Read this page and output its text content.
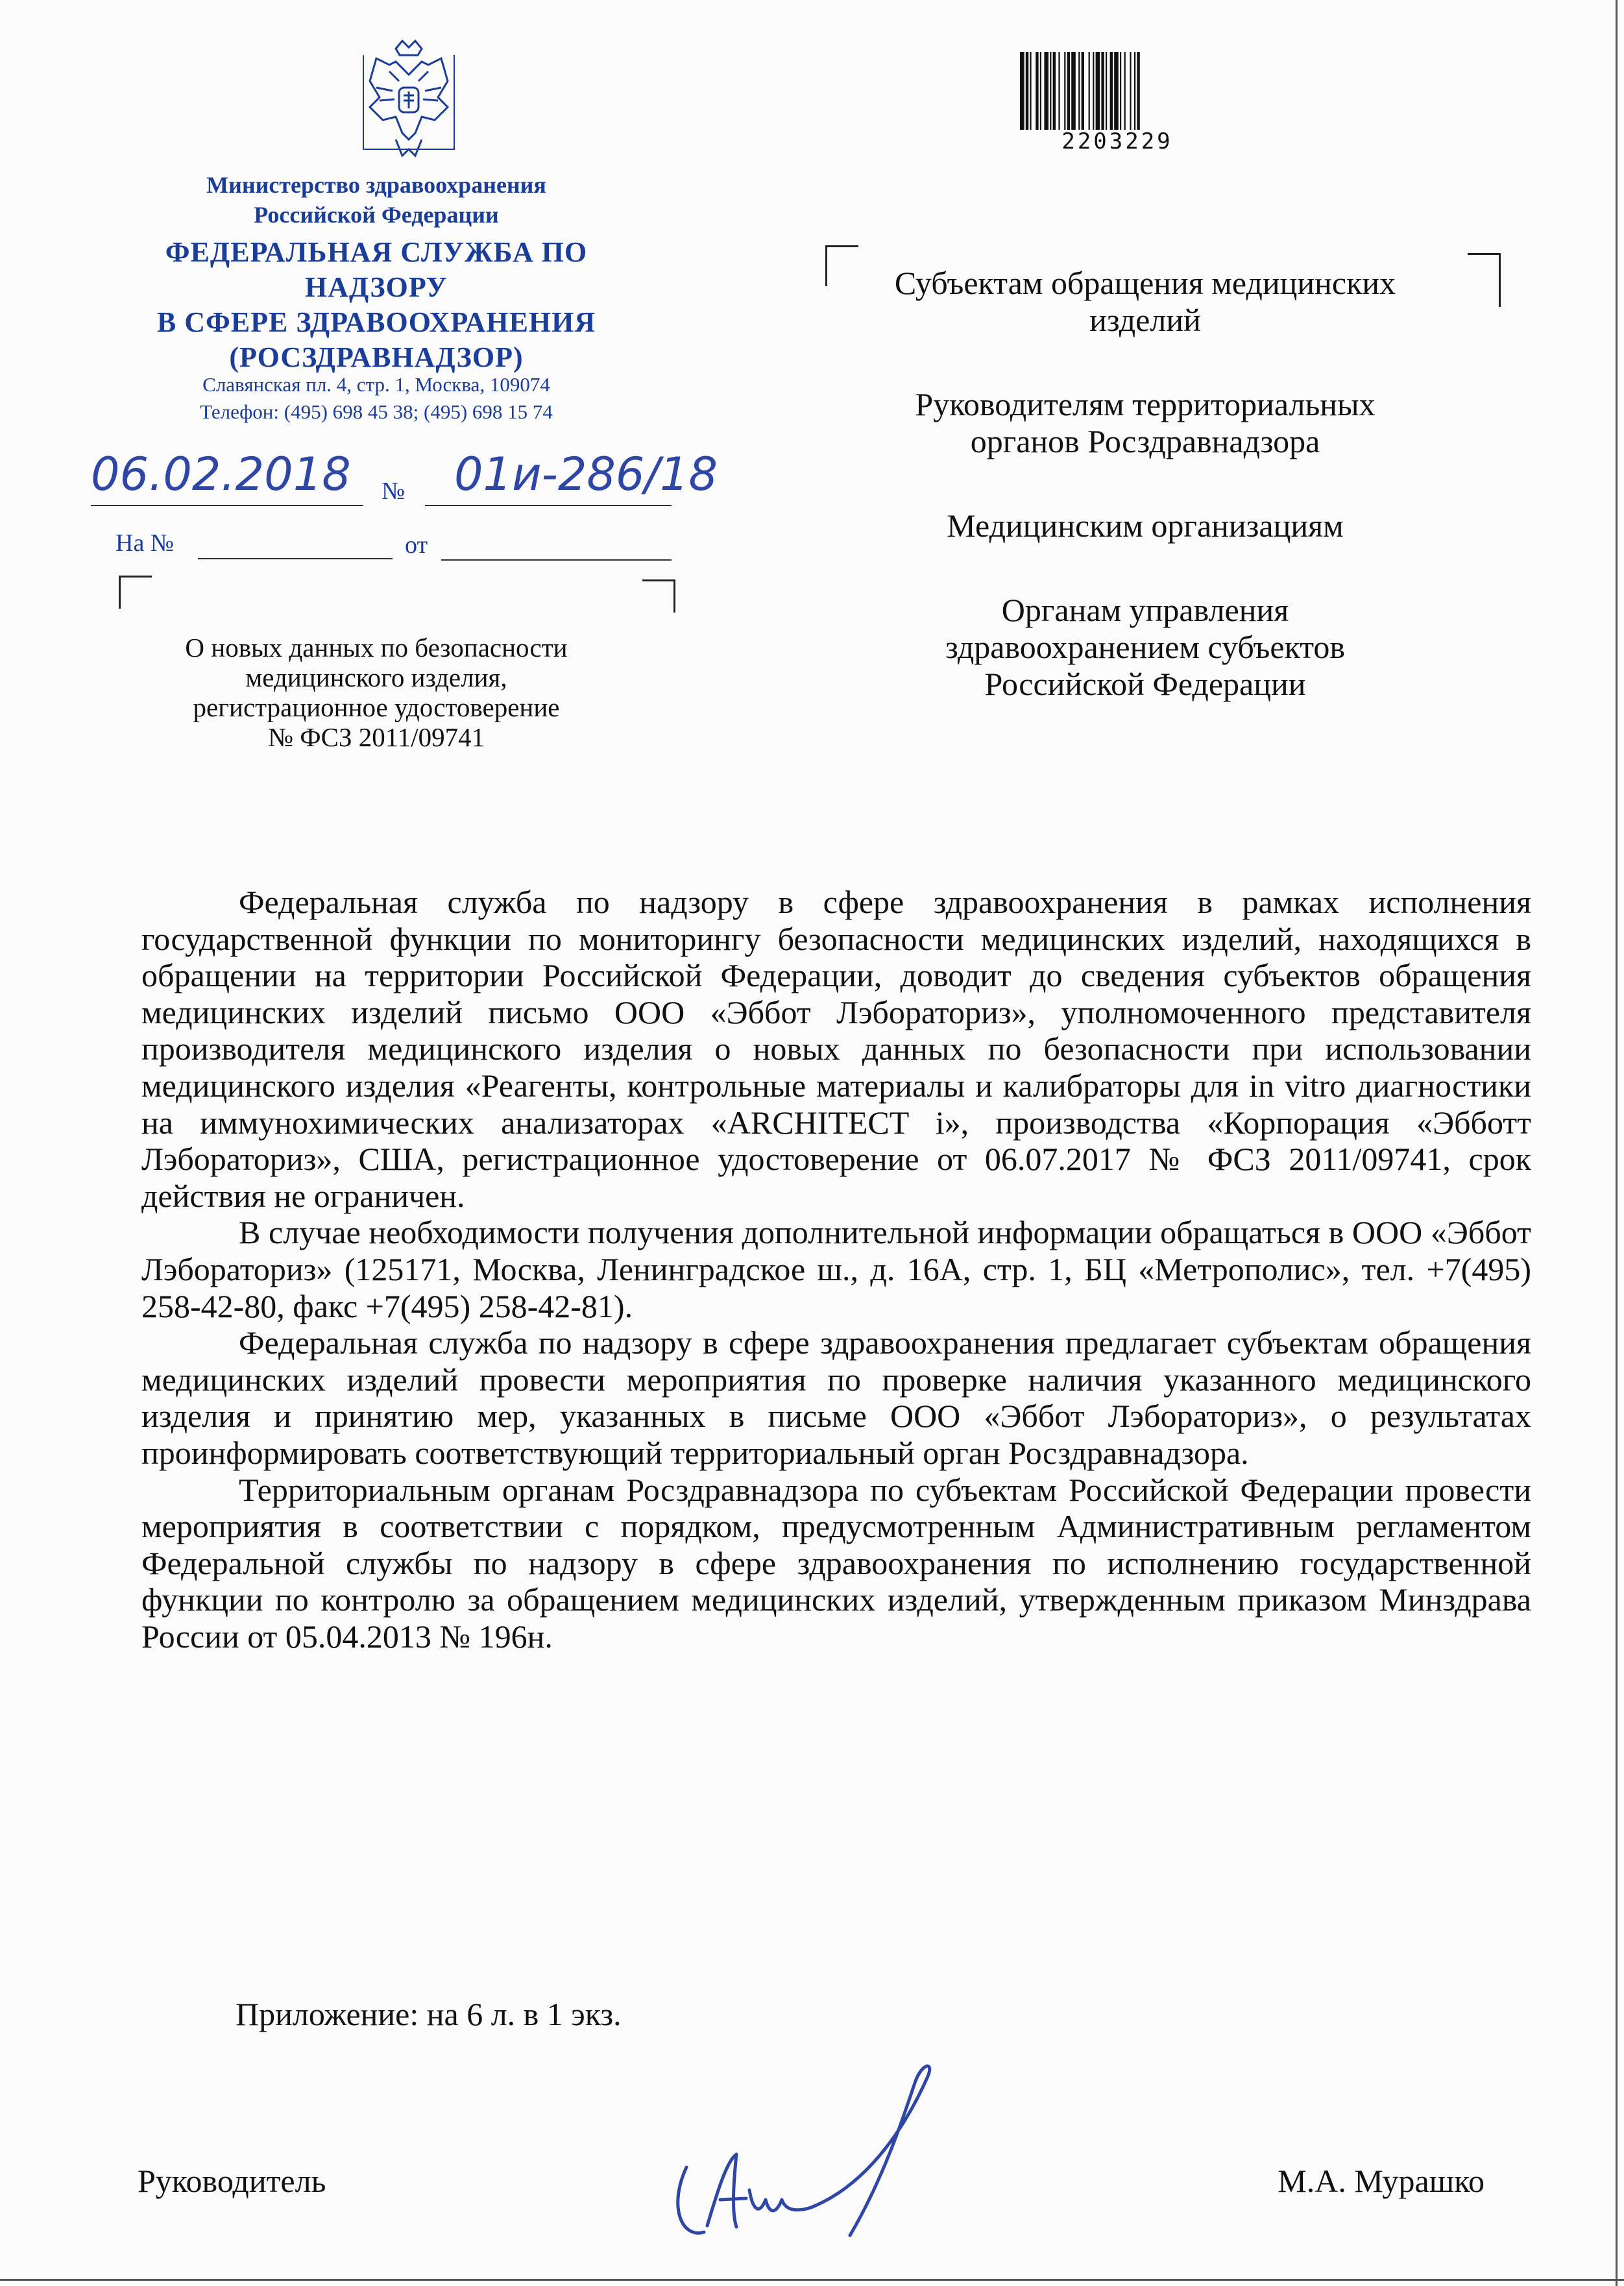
Министерство здравоохранения
Российской Федерации
ФЕДЕРАЛЬНАЯ СЛУЖБА ПО НАДЗОРУ
В СФЕРЕ ЗДРАВООХРАНЕНИЯ
(РОСЗДРАВНАДЗОР)
Славянская пл. 4, стр. 1, Москва, 109074
Телефон: (495) 698 45 38; (495) 698 15 74
06.02.2018 № 01и-286/18
На №	от
О новых данных по безопасности
медицинского изделия,
регистрационное удостоверение
№ ФСЗ 2011/09741
2203229
Субъектам обращения медицинских изделий
Руководителям территориальных органов Росздравнадзора
Медицинским организациям
Органам управления здравоохранением субъектов Российской Федерации

Федеральная служба по надзору в сфере здравоохранения в рамках исполнения государственной функции по мониторингу безопасности медицинских изделий, находящихся в обращении на территории Российской Федерации, доводит до сведения субъектов обращения медицинских изделий письмо ООО «Эббот Лэбораториз», уполномоченного представителя производителя медицинского изделия о новых данных по безопасности при использовании медицинского изделия «Реагенты, контрольные материалы и калибраторы для in vitro диагностики на иммунохимических анализаторах «ARCHITECT i», производства «Корпорация «Эбботт Лэбораториз», США, регистрационное удостоверение от 06.07.2017 № ФСЗ 2011/09741, срок действия не ограничен.

В случае необходимости получения дополнительной информации обращаться в ООО «Эббот Лэбораториз» (125171, Москва, Ленинградское ш., д. 16А, стр. 1, БЦ «Метрополис», тел. +7(495) 258-42-80, факс +7(495) 258-42-81).

Федеральная служба по надзору в сфере здравоохранения предлагает субъектам обращения медицинских изделий провести мероприятия по проверке наличия указанного медицинского изделия и принятию мер, указанных в письме ООО «Эббот Лэбораториз», о результатах проинформировать соответствующий территориальный орган Росздравнадзора.

Территориальным органам Росздравнадзора по субъектам Российской Федерации провести мероприятия в соответствии с порядком, предусмотренным Административным регламентом Федеральной службы по надзору в сфере здравоохранения по исполнению государственной функции по контролю за обращением медицинских изделий, утвержденным приказом Минздрава России от 05.04.2013 № 196н.

Приложение: на 6 л. в 1 экз.
Руководитель	М.А. Мурашко
